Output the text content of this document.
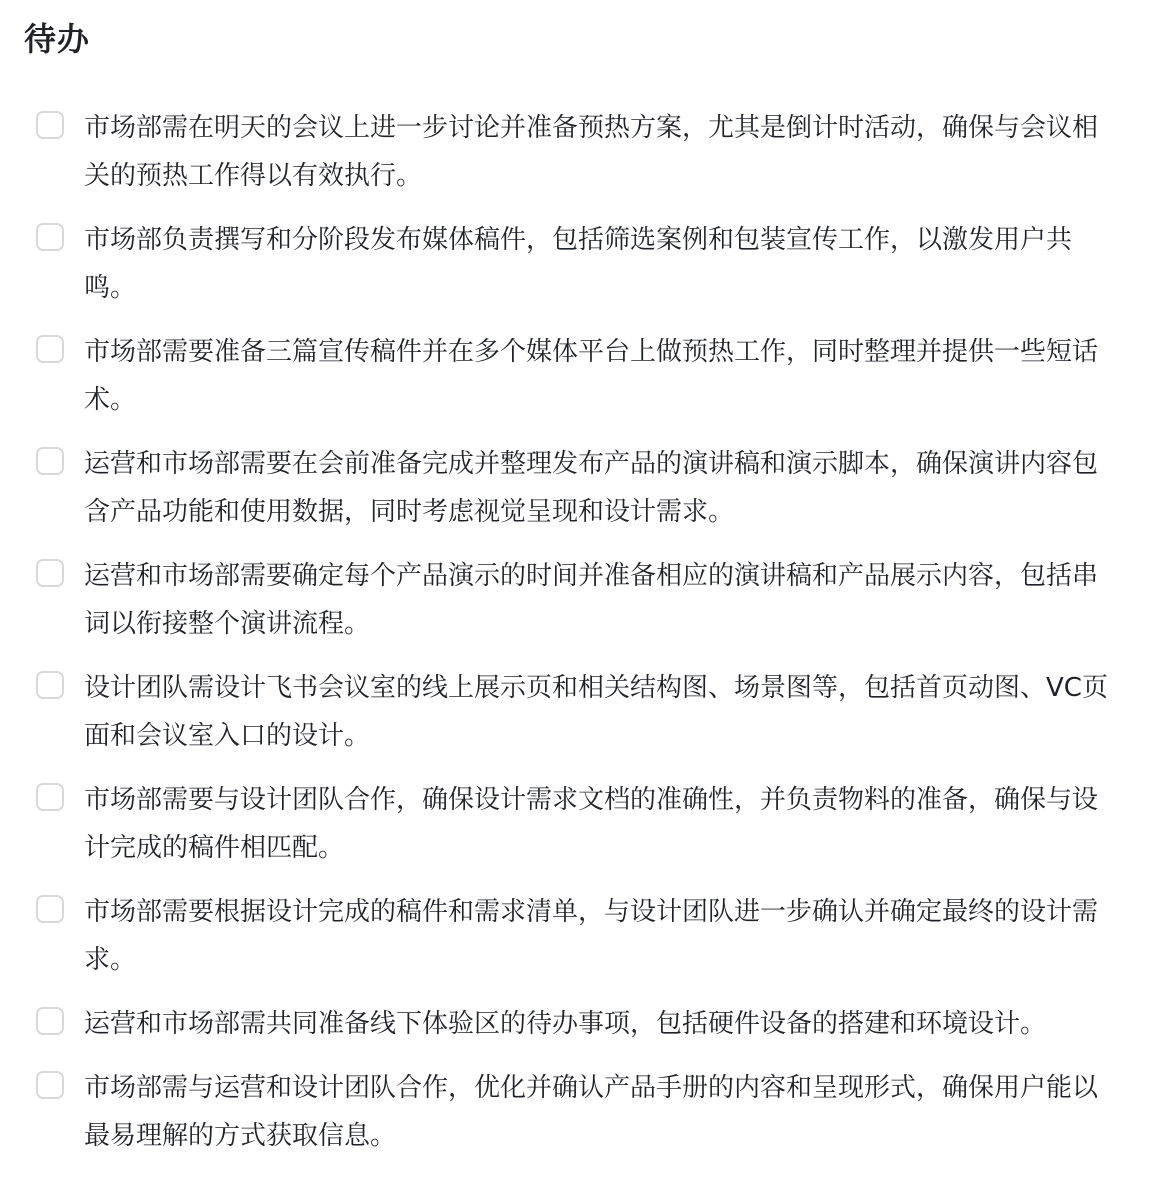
待办
市场部需在明天的会议上进一步讨论并准备预热方案，尤其是倒计时活动，确保与会议相关的预热工作得以有效执行。
市场部负责撰写和分阶段发布媒体稿件，包括筛选案例和包装宣传工作，以激发用户共鸣。
市场部需要准备三篇宣传稿件并在多个媒体平台上做预热工作，同时整理并提供一些短话术。
运营和市场部需要在会前准备完成并整理发布产品的演讲稿和演示脚本，确保演讲内容包含产品功能和使用数据，同时考虑视觉呈现和设计需求。
运营和市场部需要确定每个产品演示的时间并准备相应的演讲稿和产品展示内容，包括串词以衔接整个演讲流程。
设计团队需设计飞书会议室的线上展示页和相关结构图、场景图等，包括首页动图、VC页面和会议室入口的设计。
市场部需要与设计团队合作，确保设计需求文档的准确性，并负责物料的准备，确保与设计完成的稿件相匹配。
市场部需要根据设计完成的稿件和需求清单，与设计团队进一步确认并确定最终的设计需求。
运营和市场部需共同准备线下体验区的待办事项，包括硬件设备的搭建和环境设计。
市场部需与运营和设计团队合作，优化并确认产品手册的内容和呈现形式，确保用户能以最易理解的方式获取信息。
